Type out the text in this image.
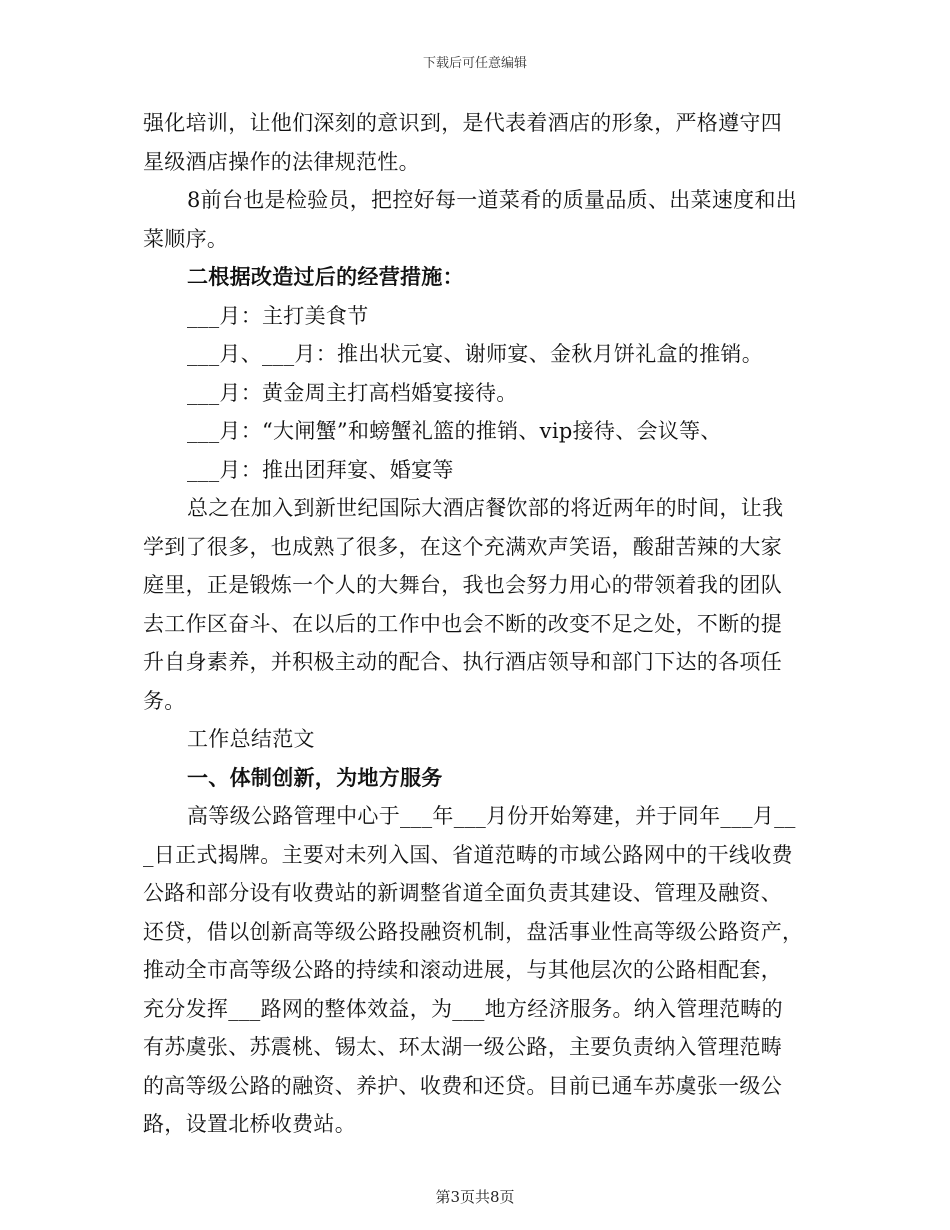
下载后可任意编辑
强化培训，让他们深刻的意识到，是代表着酒店的形象，严格遵守四
星级酒店操作的法律规范性。
8前台也是检验员，把控好每一道菜肴的质量品质、出菜速度和出
菜顺序。
二根据改造过后的经营措施：
___月：主打美食节
___月、___月：推出状元宴、谢师宴、金秋月饼礼盒的推销。
___月：黄金周主打高档婚宴接待。
___月：“大闸蟹”和螃蟹礼篮的推销、vip接待、会议等、
___月：推出团拜宴、婚宴等
总之在加入到新世纪国际大酒店餐饮部的将近两年的时间，让我
学到了很多，也成熟了很多，在这个充满欢声笑语，酸甜苦辣的大家
庭里，正是锻炼一个人的大舞台，我也会努力用心的带领着我的团队
去工作区奋斗、在以后的工作中也会不断的改变不足之处，不断的提
升自身素养，并积极主动的配合、执行酒店领导和部门下达的各项任
务。
工作总结范文
一、体制创新，为地方服务
高等级公路管理中心于___年___月份开始筹建，并于同年___月__
_日正式揭牌。主要对未列入国、省道范畴的市域公路网中的干线收费
公路和部分设有收费站的新调整省道全面负责其建设、管理及融资、
还贷，借以创新高等级公路投融资机制，盘活事业性高等级公路资产，
推动全市高等级公路的持续和滚动进展，与其他层次的公路相配套，
充分发挥___路网的整体效益，为___地方经济服务。纳入管理范畴的
有苏虞张、苏震桃、锡太、环太湖一级公路，主要负责纳入管理范畴
的高等级公路的融资、养护、收费和还贷。目前已通车苏虞张一级公
路，设置北桥收费站。
第3页共8页
